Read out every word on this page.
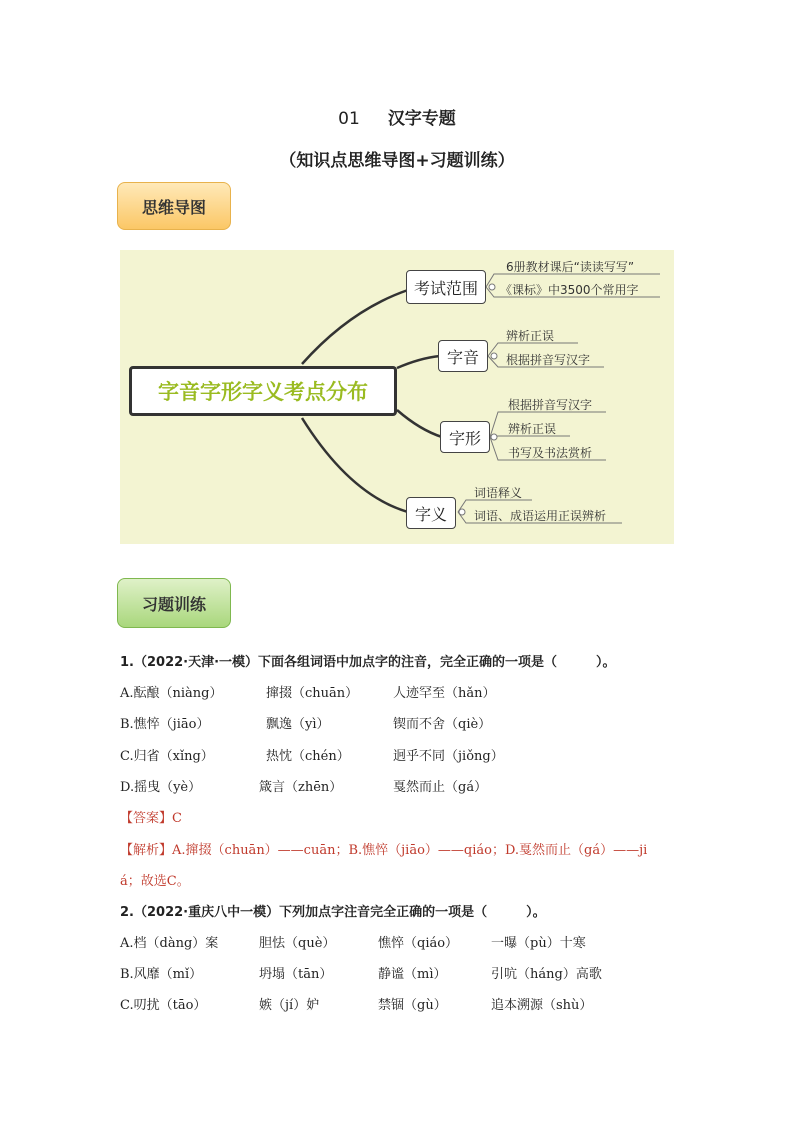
01 汉字专题
（知识点思维导图+习题训练）
思维导图
字音字形字义考点分布
考试范围
字音
字形
字义
6册教材课后“读读写写”
《课标》中3500个常用字
辨析正误
根据拼音写汉字
根据拼音写汉字
辨析正误
书写及书法赏析
词语释义
词语、成语运用正误辨析
习题训练
1.（2022·天津·一模）下面各组词语中加点字的注音，完全正确的一项是（　　　）。
A.酝酿（niàng）	撺掇（chuān）	人迹罕至（hǎn）
B.憔悴（jiāo）	飘逸（yì）	锲而不舍（qiè）
C.归省（xǐng）	热忱（chén）	迥乎不同（jiǒng）
D.摇曳（yè）	箴言（zhēn）	戛然而止（gá）
【答案】C
【解析】A.撺掇（chuān）——cuān；B.憔悴（jiāo）——qiáo；D.戛然而止（gá）——ji
á；故选C。
2.（2022·重庆八中一模）下列加点字注音完全正确的一项是（　　　）。
A.档（dàng）案	胆怯（què）	憔悴（qiáo）	一曝（pù）十寒
B.风靡（mǐ）	坍塌（tān）	静谧（mì）	引吭（háng）高歌
C.叨扰（tāo）	嫉（jí）妒	禁锢（gù）	追本溯源（shù）
